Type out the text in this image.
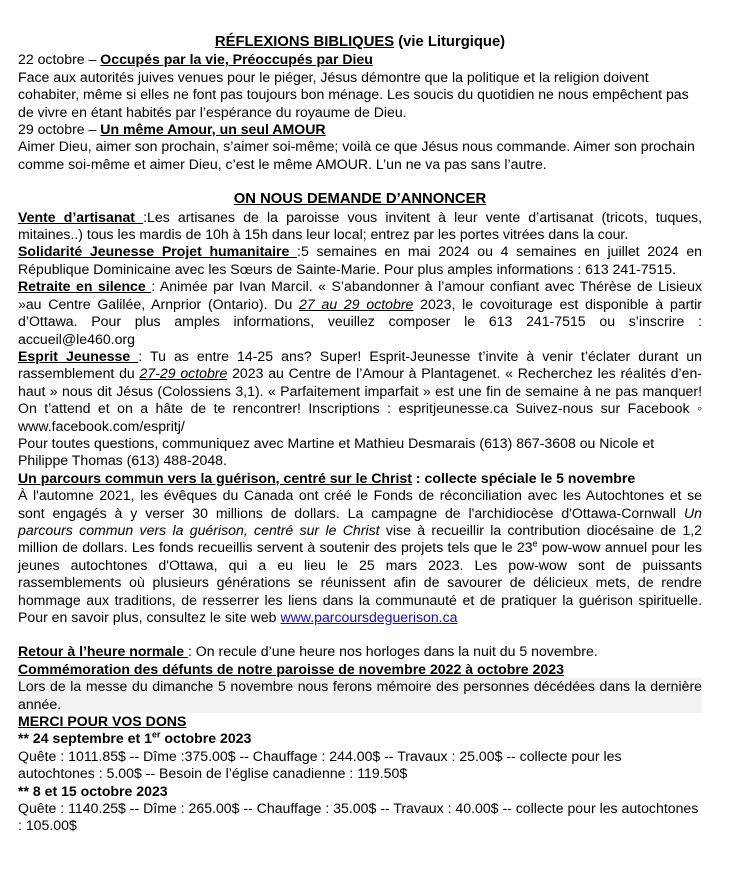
RÉFLEXIONS BIBLIQUES (vie Liturgique)

22 octobre – Occupés par la vie, Préoccupés par Dieu

Face aux autorités juives venues pour le piéger, Jésus démontre que la politique et la religion doivent cohabiter, même si elles ne font pas toujours bon ménage. Les soucis du quotidien ne nous empêchent pas de vivre en étant habités par l’espérance du royaume de Dieu.

29 octobre – Un même Amour, un seul AMOUR

Aimer Dieu, aimer son prochain, s’aimer soi-même; voilà ce que Jésus nous commande. Aimer son prochain comme soi-même et aimer Dieu, c’est le même AMOUR. L’un ne va pas sans l’autre.

ON NOUS DEMANDE D’ANNONCER

Vente d’artisanat :Les artisanes de la paroisse vous invitent à leur vente d’artisanat (tricots, tuques, mitaines..) tous les mardis de 10h à 15h dans leur local; entrez par les portes vitrées dans la cour.

Solidarité Jeunesse Projet humanitaire :5 semaines en mai 2024 ou 4 semaines en juillet 2024 en République Dominicaine avec les Sœurs de Sainte-Marie. Pour plus amples informations : 613 241-7515.

Retraite en silence : Animée par Ivan Marcil. « S’abandonner à l’amour confiant avec Thérèse de Lisieux »au Centre Galilée, Arnprior (Ontario). Du 27 au 29 octobre 2023, le covoiturage est disponible à partir d’Ottawa. Pour plus amples informations, veuillez composer le 613 241-7515 ou s’inscrire : accueil@le460.org

Esprit Jeunesse : Tu as entre 14-25 ans? Super! Esprit-Jeunesse t’invite à venir t’éclater durant un rassemblement du 27-29 octobre 2023 au Centre de l’Amour à Plantagenet. « Recherchez les réalités d’en-haut » nous dit Jésus (Colossiens 3,1). « Parfaitement imparfait » est une fin de semaine à ne pas manquer! On t’attend et on a hâte de te rencontrer! Inscriptions : espritjeunesse.ca Suivez-nous sur Facebook ◦ www.facebook.com/espritj/

Pour toutes questions, communiquez avec Martine et Mathieu Desmarais (613) 867-3608 ou Nicole et Philippe Thomas (613) 488-2048.

Un parcours commun vers la guérison, centré sur le Christ : collecte spéciale le 5 novembre

À l'automne 2021, les évêques du Canada ont créé le Fonds de réconciliation avec les Autochtones et se sont engagés à y verser 30 millions de dollars. La campagne de l'archidiocèse d'Ottawa-Cornwall Un parcours commun vers la guérison, centré sur le Christ vise à recueillir la contribution diocésaine de 1,2 million de dollars. Les fonds recueillis servent à soutenir des projets tels que le 23e pow-wow annuel pour les jeunes autochtones d'Ottawa, qui a eu lieu le 25 mars 2023. Les pow-wow sont de puissants rassemblements où plusieurs générations se réunissent afin de savourer de délicieux mets, de rendre hommage aux traditions, de resserrer les liens dans la communauté et de pratiquer la guérison spirituelle. Pour en savoir plus, consultez le site web www.parcoursdeguerison.ca

Retour à l’heure normale : On recule d’une heure nos horloges dans la nuit du 5 novembre.

Commémoration des défunts de notre paroisse de novembre 2022 à octobre 2023

Lors de la messe du dimanche 5 novembre nous ferons mémoire des personnes décédées dans la dernière année.

MERCI POUR VOS DONS

** 24 septembre et 1er octobre 2023

Quête : 1011.85$ -- Dîme :375.00$ -- Chauffage : 244.00$ -- Travaux : 25.00$ -- collecte pour les autochtones : 5.00$ -- Besoin de l’église canadienne : 119.50$

** 8 et 15 octobre 2023

Quête : 1140.25$ -- Dîme : 265.00$ -- Chauffage : 35.00$ -- Travaux : 40.00$ -- collecte pour les autochtones : 105.00$
